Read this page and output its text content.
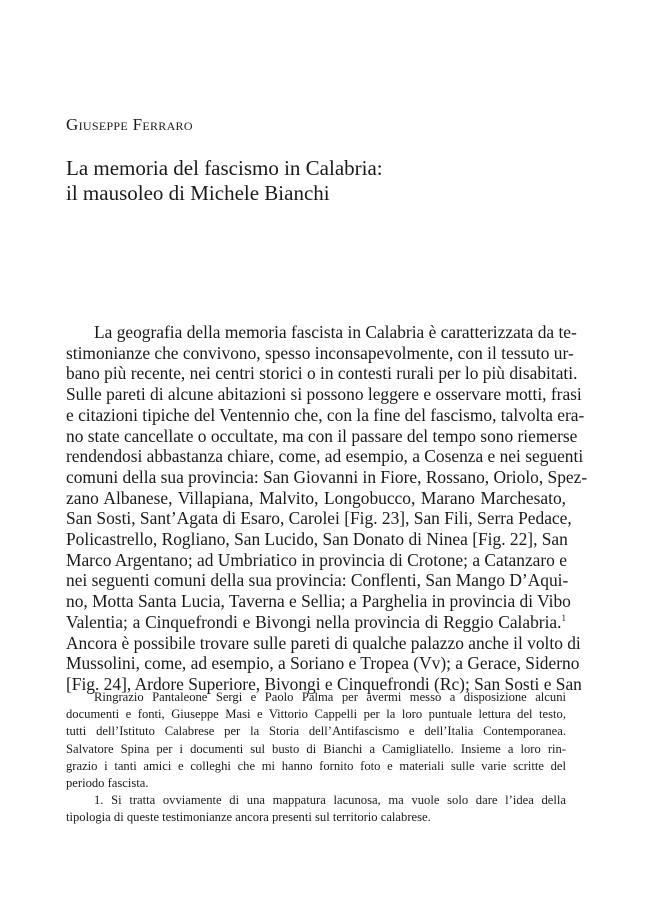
Giuseppe Ferraro
La memoria del fascismo in Calabria:
il mausoleo di Michele Bianchi
La geografia della memoria fascista in Calabria è caratterizzata da te-
stimonianze che convivono, spesso inconsapevolmente, con il tessuto ur-
bano più recente, nei centri storici o in contesti rurali per lo più disabitati.
Sulle pareti di alcune abitazioni si possono leggere e osservare motti, frasi
e citazioni tipiche del Ventennio che, con la fine del fascismo, talvolta era-
no state cancellate o occultate, ma con il passare del tempo sono riemerse
rendendosi abbastanza chiare, come, ad esempio, a Cosenza e nei seguenti
comuni della sua provincia: San Giovanni in Fiore, Rossano, Oriolo, Spez-
zano Albanese, Villapiana, Malvito, Longobucco, Marano Marchesato,
San Sosti, Sant’Agata di Esaro, Carolei [Fig. 23], San Fili, Serra Pedace,
Policastrello, Rogliano, San Lucido, San Donato di Ninea [Fig. 22], San
Marco Argentano; ad Umbriatico in provincia di Crotone; a Catanzaro e
nei seguenti comuni della sua provincia: Conflenti, San Mango D’Aqui-
no, Motta Santa Lucia, Taverna e Sellia; a Parghelia in provincia di Vibo
Valentia; a Cinquefrondi e Bivongi nella provincia di Reggio Calabria.$^1$
Ancora è possibile trovare sulle pareti di qualche palazzo anche il volto di
Mussolini, come, ad esempio, a Soriano e Tropea (Vv); a Gerace, Siderno
[Fig. 24], Ardore Superiore, Bivongi e Cinquefrondi (Rc); San Sosti e San
Ringrazio Pantaleone Sergi e Paolo Palma per avermi messo a disposizione alcuni
documenti e fonti, Giuseppe Masi e Vittorio Cappelli per la loro puntuale lettura del testo,
tutti dell’Istituto Calabrese per la Storia dell’Antifascismo e dell’Italia Contemporanea.
Salvatore Spina per i documenti sul busto di Bianchi a Camigliatello. Insieme a loro rin-
grazio i tanti amici e colleghi che mi hanno fornito foto e materiali sulle varie scritte del
periodo fascista.
1. Si tratta ovviamente di una mappatura lacunosa, ma vuole solo dare l’idea della
tipologia di queste testimonianze ancora presenti sul territorio calabrese.
